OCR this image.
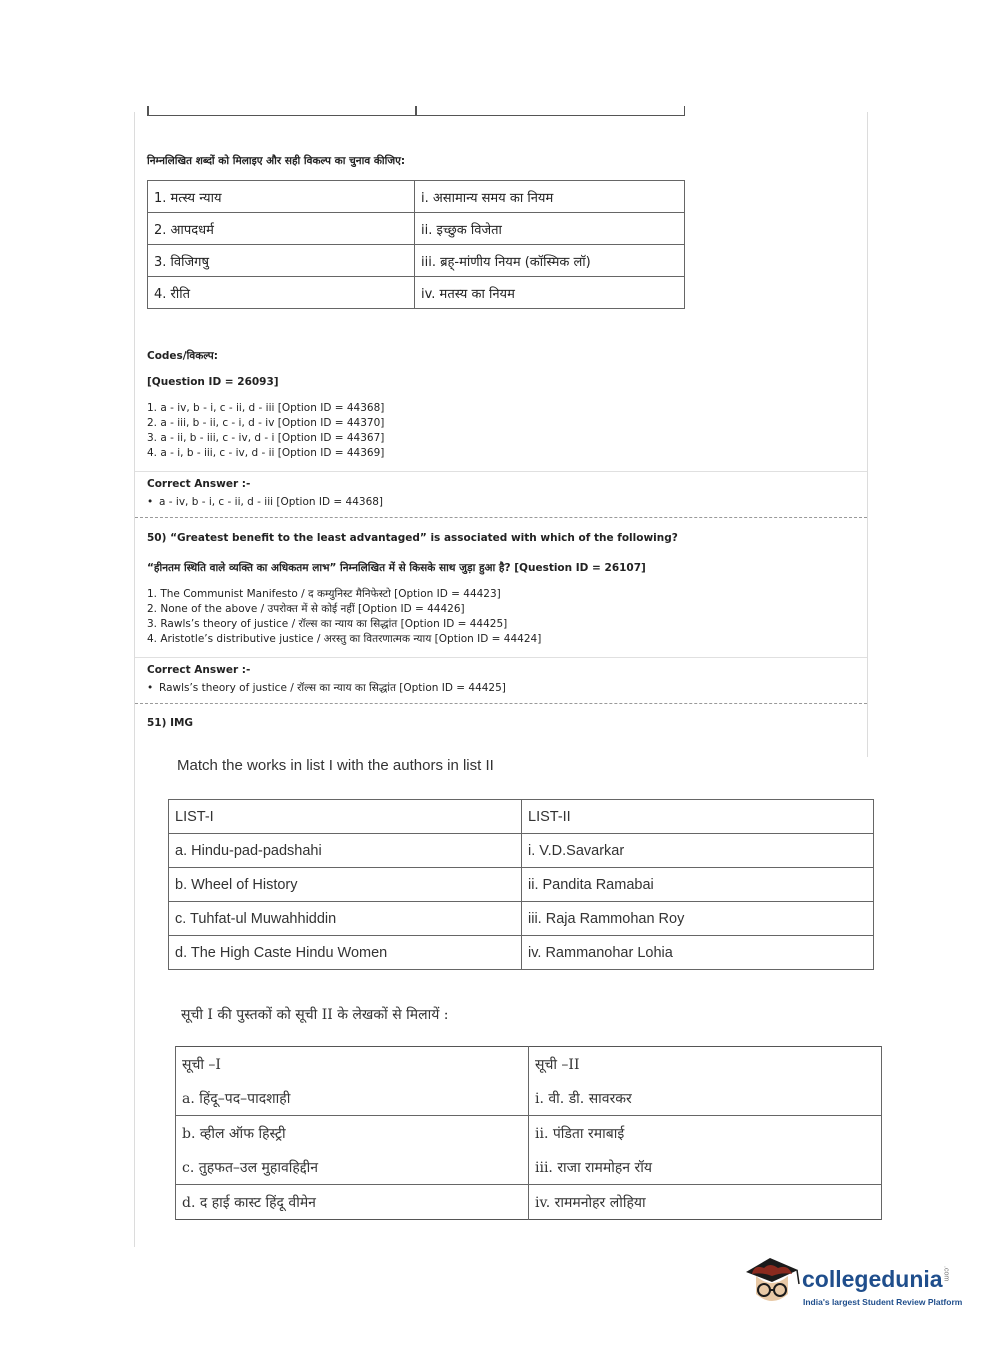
निम्नलिखित शब्दों को मिलाइए और सही विकल्प का चुनाव कीजिए:
1. मत्स्य न्याय	i. असामान्य समय का नियम
2. आपदधर्म	ii. इच्छुक विजेता
3. विजिगषु	iii. ब्रह्-मांणीय नियम (कॉस्मिक लॉ)
4. रीति	iv. मतस्य का नियम
Codes/विकल्प:
[Question ID = 26093]
1. a - iv, b - i, c - ii, d - iii [Option ID = 44368]
2. a - iii, b - ii, c - i, d - iv [Option ID = 44370]
3. a - ii, b - iii, c - iv, d - i [Option ID = 44367]
4. a - i, b - iii, c - iv, d - ii [Option ID = 44369]
Correct Answer :-
• a - iv, b - i, c - ii, d - iii [Option ID = 44368]
50) “Greatest benefit to the least advantaged” is associated with which of the following?
“हीनतम स्थिति वाले व्यक्ति का अधिकतम लाभ” निम्नलिखित में से किसके साथ जुड़ा हुआ है? [Question ID = 26107]
1. The Communist Manifesto / द कम्युनिस्ट मैनिफेस्टो [Option ID = 44423]
2. None of the above / उपरोक्त में से कोई नहीं [Option ID = 44426]
3. Rawls’s theory of justice / रॉल्स का न्याय का सिद्धांत [Option ID = 44425]
4. Aristotle’s distributive justice / अरस्तु का वितरणात्मक न्याय [Option ID = 44424]
Correct Answer :-
• Rawls’s theory of justice / रॉल्स का न्याय का सिद्धांत [Option ID = 44425]
51) IMG
Match the works in list I with the authors in list II
LIST-I	LIST-II
a. Hindu-pad-padshahi	i. V.D.Savarkar
b. Wheel of History	ii. Pandita Ramabai
c. Tuhfat-ul Muwahhiddin	iii. Raja Rammohan Roy
d. The High Caste Hindu Women	iv. Rammanohar Lohia
सूची I की पुस्तकों को सूची II के लेखकों से मिलायें :
सूची –I	सूची –II
a. हिंदू–पद–पादशाही	i. वी. डी. सावरकर
b. व्हील ऑफ हिस्ट्री	ii. पंडिता रमाबाई
c. तुहफत–उल मुहावहिद्दीन	iii. राजा राममोहन रॉय
d. द हाई कास्ट हिंदू वीमेन	iv. राममनोहर लोहिया
collegedunia.com
India's largest Student Review Platform
